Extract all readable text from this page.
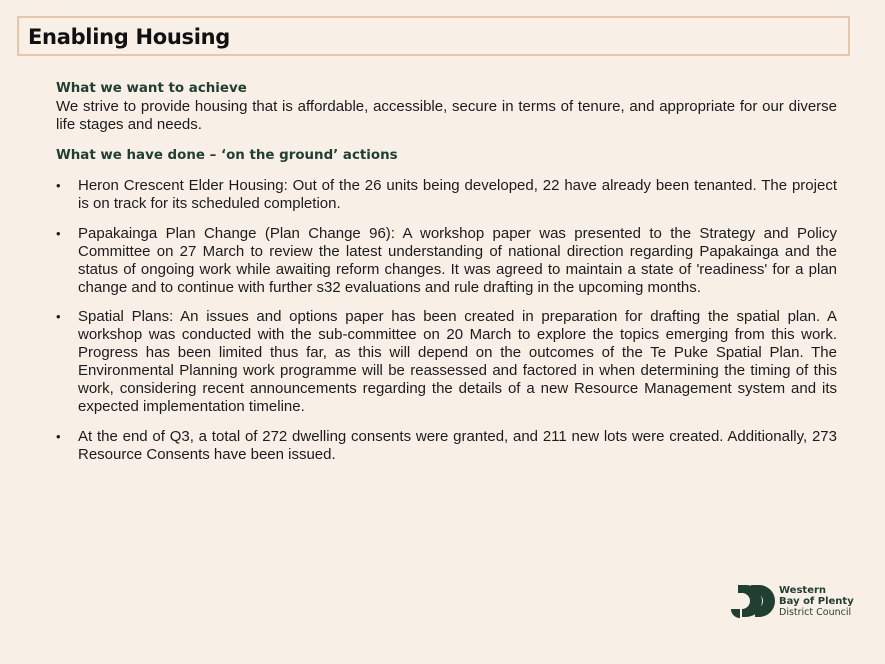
Enabling Housing
What we want to achieve

We strive to provide housing that is affordable, accessible, secure in terms of tenure, and appropriate for our diverse life stages and needs.

What we have done – ‘on the ground’ actions
• Heron Crescent Elder Housing: Out of the 26 units being developed, 22 have already been tenanted. The project is on track for its scheduled completion.
• Papakainga Plan Change (Plan Change 96): A workshop paper was presented to the Strategy and Policy Committee on 27 March to review the latest understanding of national direction regarding Papakainga and the status of ongoing work while awaiting reform changes. It was agreed to maintain a state of 'readiness' for a plan change and to continue with further s32 evaluations and rule drafting in the upcoming months.
• Spatial Plans: An issues and options paper has been created in preparation for drafting the spatial plan. A workshop was conducted with the sub-committee on 20 March to explore the topics emerging from this work. Progress has been limited thus far, as this will depend on the outcomes of the Te Puke Spatial Plan. The Environmental Planning work programme will be reassessed and factored in when determining the timing of this work, considering recent announcements regarding the details of a new Resource Management system and its expected implementation timeline.
• At the end of Q3, a total of 272 dwelling consents were granted, and 211 new lots were created. Additionally, 273 Resource Consents have been issued.
Western
Bay of Plenty
District Council
